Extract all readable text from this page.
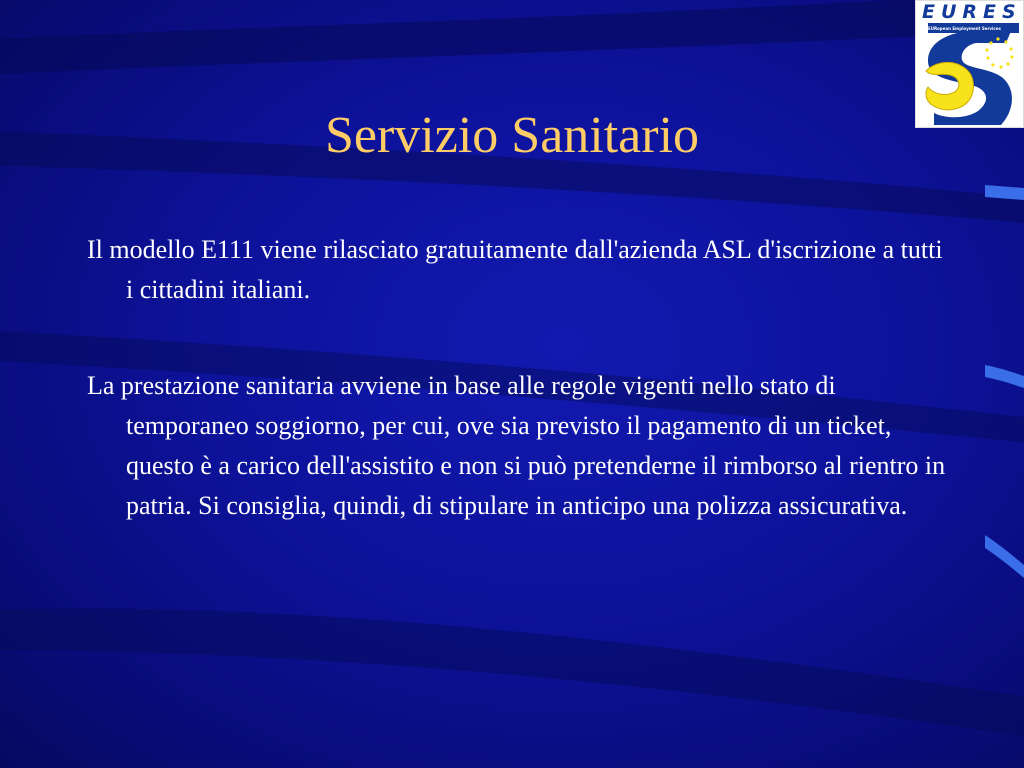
EURES
EURopean Employment Services
Servizio Sanitario
Il modello E111 viene rilasciato gratuitamente dall'azienda ASL d'iscrizione a tutti i cittadini italiani.
La prestazione sanitaria avviene in base alle regole vigenti nello stato di temporaneo soggiorno, per cui, ove sia previsto il pagamento di un ticket, questo è a carico dell'assistito e non si può pretenderne il rimborso al rientro in patria. Si consiglia, quindi, di stipulare in anticipo una polizza assicurativa.
